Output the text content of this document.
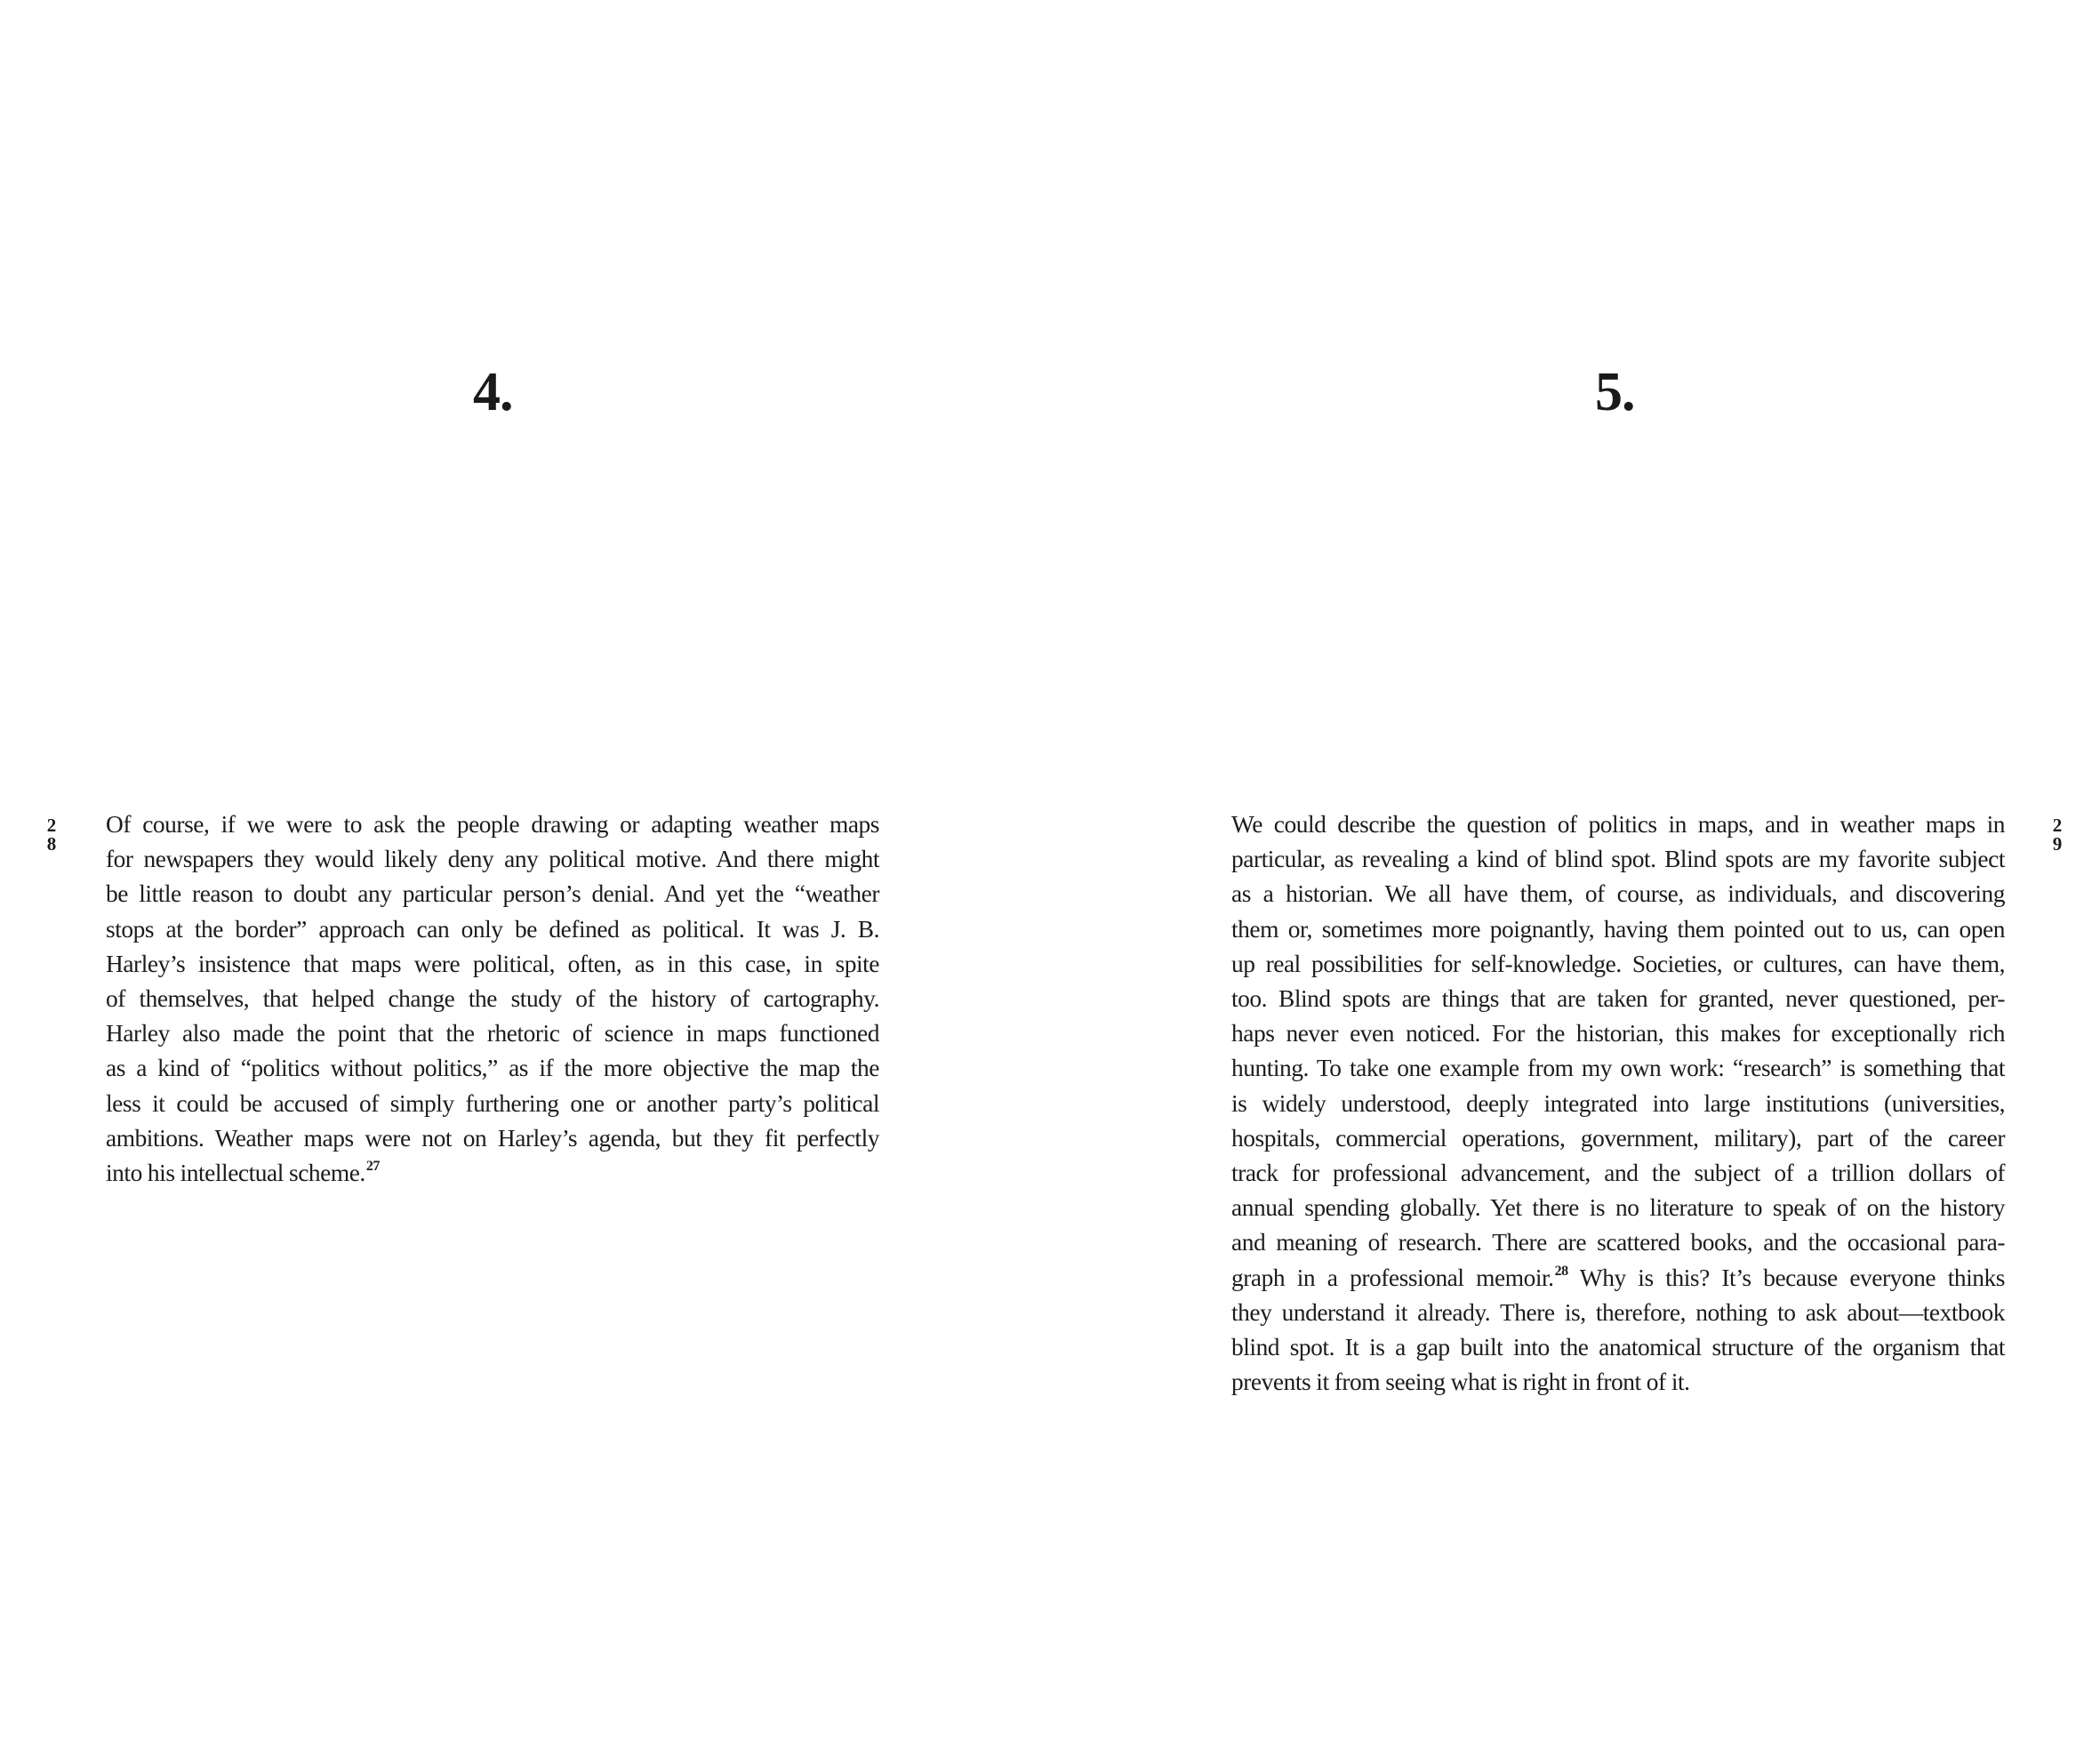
4.
2
8

Of course, if we were to ask the people drawing or adapting weather maps
for newspapers they would likely deny any political motive. And there might
be little reason to doubt any particular person’s denial. And yet the “weather
stops at the border” approach can only be defined as political. It was J. B.
Harley’s insistence that maps were political, often, as in this case, in spite
of themselves, that helped change the study of the history of cartography.
Harley also made the point that the rhetoric of science in maps functioned
as a kind of “politics without politics,” as if the more objective the map the
less it could be accused of simply furthering one or another party’s political
ambitions. Weather maps were not on Harley’s agenda, but they fit perfectly
into his intellectual scheme.$^{27}$

5.
2
9

We could describe the question of politics in maps, and in weather maps in
particular, as revealing a kind of blind spot. Blind spots are my favorite subject
as a historian. We all have them, of course, as individuals, and discovering
them or, sometimes more poignantly, having them pointed out to us, can open
up real possibilities for self-knowledge. Societies, or cultures, can have them,
too. Blind spots are things that are taken for granted, never questioned, per-
haps never even noticed. For the historian, this makes for exceptionally rich
hunting. To take one example from my own work: “research” is something that
is widely understood, deeply integrated into large institutions (universities,
hospitals, commercial operations, government, military), part of the career
track for professional advancement, and the subject of a trillion dollars of
annual spending globally. Yet there is no literature to speak of on the history
and meaning of research. There are scattered books, and the occasional para-
graph in a professional memoir.$^{28}$ Why is this? It’s because everyone thinks
they understand it already. There is, therefore, nothing to ask about—textbook
blind spot. It is a gap built into the anatomical structure of the organism that
prevents it from seeing what is right in front of it.
